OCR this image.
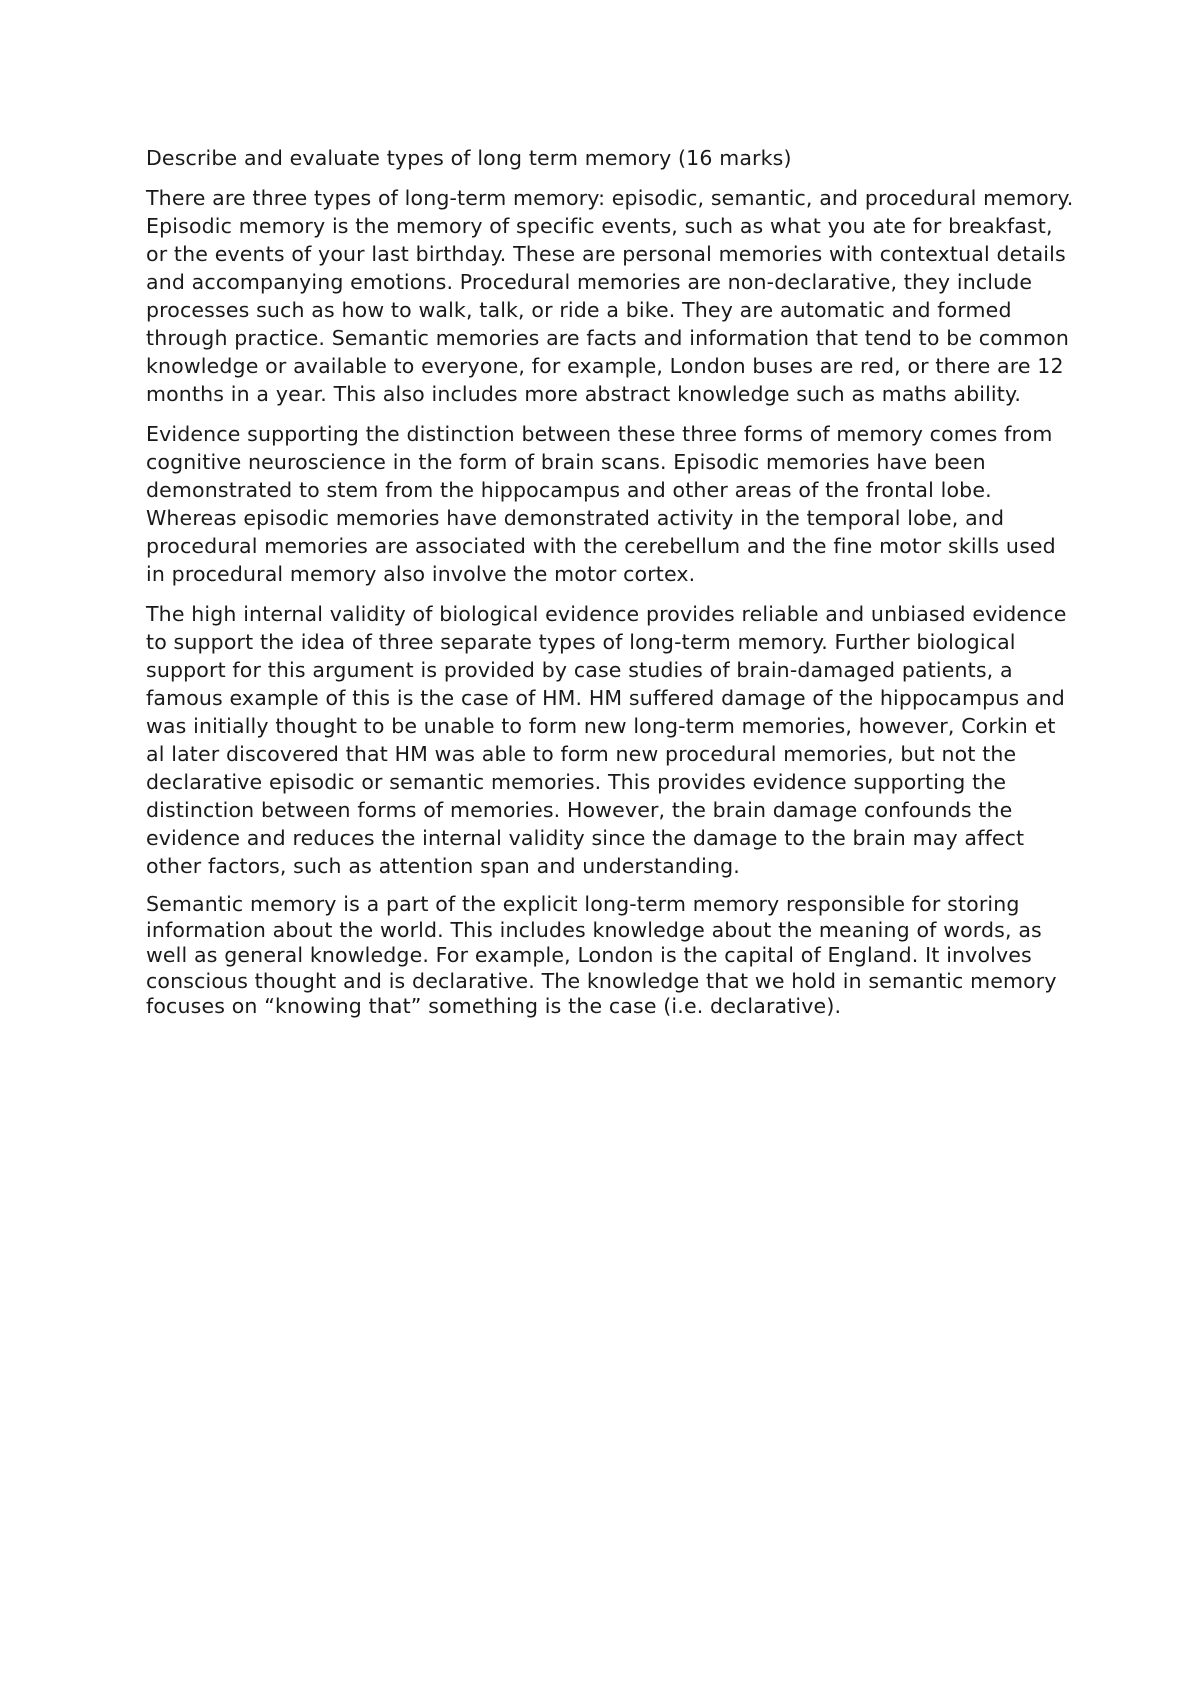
Describe and evaluate types of long term memory (16 marks)

There are three types of long-term memory: episodic, semantic, and procedural memory. Episodic memory is the memory of specific events, such as what you ate for breakfast, or the events of your last birthday. These are personal memories with contextual details and accompanying emotions. Procedural memories are non-declarative, they include processes such as how to walk, talk, or ride a bike. They are automatic and formed through practice. Semantic memories are facts and information that tend to be common knowledge or available to everyone, for example, London buses are red, or there are 12 months in a year. This also includes more abstract knowledge such as maths ability.

Evidence supporting the distinction between these three forms of memory comes from cognitive neuroscience in the form of brain scans. Episodic memories have been demonstrated to stem from the hippocampus and other areas of the frontal lobe. Whereas episodic memories have demonstrated activity in the temporal lobe, and procedural memories are associated with the cerebellum and the fine motor skills used in procedural memory also involve the motor cortex.

The high internal validity of biological evidence provides reliable and unbiased evidence to support the idea of three separate types of long-term memory. Further biological support for this argument is provided by case studies of brain-damaged patients, a famous example of this is the case of HM. HM suffered damage of the hippocampus and was initially thought to be unable to form new long-term memories, however, Corkin et al later discovered that HM was able to form new procedural memories, but not the declarative episodic or semantic memories. This provides evidence supporting the distinction between forms of memories. However, the brain damage confounds the evidence and reduces the internal validity since the damage to the brain may affect other factors, such as attention span and understanding.

Semantic memory is a part of the explicit long-term memory responsible for storing information about the world. This includes knowledge about the meaning of words, as well as general knowledge. For example, London is the capital of England. It involves conscious thought and is declarative. The knowledge that we hold in semantic memory focuses on “knowing that” something is the case (i.e. declarative).
